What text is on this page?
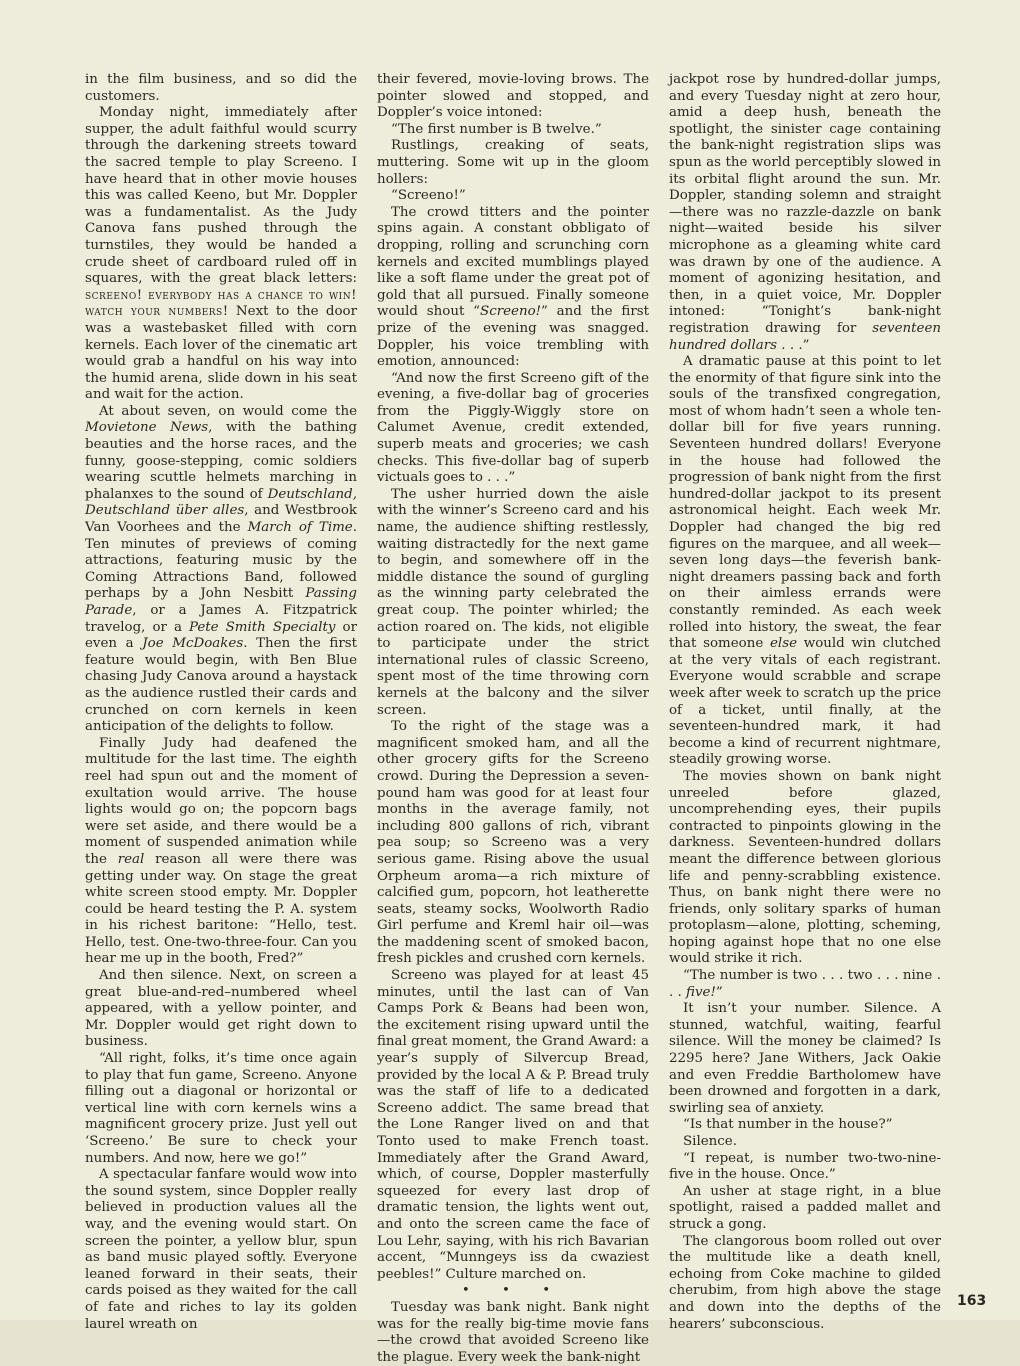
in the film business, and so did the customers.

Monday night, immediately after supper, the adult faithful would scurry through the darkening streets toward the sacred temple to play Screeno. I have heard that in other movie houses this was called Keeno, but Mr. Doppler was a fundamentalist. As the Judy Canova fans pushed through the turnstiles, they would be handed a crude sheet of cardboard ruled off in squares, with the great black letters: screeno! everybody has a chance to win! watch your numbers! Next to the door was a wastebasket filled with corn kernels. Each lover of the cinematic art would grab a handful on his way into the humid arena, slide down in his seat and wait for the action.

At about seven, on would come the Movietone News, with the bathing beauties and the horse races, and the funny, goose-stepping, comic soldiers wearing scuttle helmets marching in phalanxes to the sound of Deutschland, Deutschland über alles, and Westbrook Van Voorhees and the March of Time. Ten minutes of previews of coming attractions, featuring music by the Coming Attractions Band, followed perhaps by a John Nesbitt Passing Parade, or a James A. Fitzpatrick travelog, or a Pete Smith Specialty or even a Joe McDoakes. Then the first feature would begin, with Ben Blue chasing Judy Canova around a haystack as the audience rustled their cards and crunched on corn kernels in keen anticipation of the delights to follow.

Finally Judy had deafened the multitude for the last time. The eighth reel had spun out and the moment of exultation would arrive. The house lights would go on; the popcorn bags were set aside, and there would be a moment of suspended animation while the real reason all were there was getting under way. On stage the great white screen stood empty. Mr. Doppler could be heard testing the P. A. system in his richest baritone: “Hello, test. Hello, test. One-two-three-four. Can you hear me up in the booth, Fred?”

And then silence. Next, on screen a great blue-and-red–numbered wheel appeared, with a yellow pointer, and Mr. Doppler would get right down to business.

“All right, folks, it’s time once again to play that fun game, Screeno. Anyone filling out a diagonal or horizontal or vertical line with corn kernels wins a magnificent grocery prize. Just yell out ‘Screeno.’ Be sure to check your numbers. And now, here we go!”

A spectacular fanfare would wow into the sound system, since Doppler really believed in production values all the way, and the evening would start. On screen the pointer, a yellow blur, spun as band music played softly. Everyone leaned forward in their seats, their cards poised as they waited for the call of fate and riches to lay its golden laurel wreath on

their fevered, movie-loving brows. The pointer slowed and stopped, and Doppler’s voice intoned:

“The first number is B twelve.”

Rustlings, creaking of seats, muttering. Some wit up in the gloom hollers:

“Screeno!”

The crowd titters and the pointer spins again. A constant obbligato of dropping, rolling and scrunching corn kernels and excited mumblings played like a soft flame under the great pot of gold that all pursued. Finally someone would shout “Screeno!” and the first prize of the evening was snagged. Doppler, his voice trembling with emotion, announced:

“And now the first Screeno gift of the evening, a five-dollar bag of groceries from the Piggly-Wiggly store on Calumet Avenue, credit extended, superb meats and groceries; we cash checks. This five-dollar bag of superb victuals goes to . . .”

The usher hurried down the aisle with the winner’s Screeno card and his name, the audience shifting restlessly, waiting distractedly for the next game to begin, and somewhere off in the middle distance the sound of gurgling as the winning party celebrated the great coup. The pointer whirled; the action roared on. The kids, not eligible to participate under the strict international rules of classic Screeno, spent most of the time throwing corn kernels at the balcony and the silver screen.

To the right of the stage was a magnificent smoked ham, and all the other grocery gifts for the Screeno crowd. During the Depression a seven-pound ham was good for at least four months in the average family, not including 800 gallons of rich, vibrant pea soup; so Screeno was a very serious game. Rising above the usual Orpheum aroma—a rich mixture of calcified gum, popcorn, hot leatherette seats, steamy socks, Woolworth Radio Girl perfume and Kreml hair oil—was the maddening scent of smoked bacon, fresh pickles and crushed corn kernels.

Screeno was played for at least 45 minutes, until the last can of Van Camps Pork & Beans had been won, the excitement rising upward until the final great moment, the Grand Award: a year’s supply of Silvercup Bread, provided by the local A & P. Bread truly was the staff of life to a dedicated Screeno addict. The same bread that the Lone Ranger lived on and that Tonto used to make French toast. Immediately after the Grand Award, which, of course, Doppler masterfully squeezed for every last drop of dramatic tension, the lights went out, and onto the screen came the face of Lou Lehr, saying, with his rich Bavarian accent, “Munngeys iss da cwaziest peebles!” Culture marched on.

• • •

Tuesday was bank night. Bank night was for the really big-time movie fans —the crowd that avoided Screeno like the plague. Every week the bank-night

jackpot rose by hundred-dollar jumps, and every Tuesday night at zero hour, amid a deep hush, beneath the spotlight, the sinister cage containing the bank-night registration slips was spun as the world perceptibly slowed in its orbital flight around the sun. Mr. Doppler, standing solemn and straight—there was no razzle-dazzle on bank night—waited beside his silver microphone as a gleaming white card was drawn by one of the audience. A moment of agonizing hesitation, and then, in a quiet voice, Mr. Doppler intoned: “Tonight’s bank-night registration drawing for seventeen hundred dollars . . .”

A dramatic pause at this point to let the enormity of that figure sink into the souls of the transfixed congregation, most of whom hadn’t seen a whole ten-dollar bill for five years running. Seventeen hundred dollars! Everyone in the house had followed the progression of bank night from the first hundred-dollar jackpot to its present astronomical height. Each week Mr. Doppler had changed the big red figures on the marquee, and all week—seven long days—the feverish bank-night dreamers passing back and forth on their aimless errands were constantly reminded. As each week rolled into history, the sweat, the fear that someone else would win clutched at the very vitals of each registrant. Everyone would scrabble and scrape week after week to scratch up the price of a ticket, until finally, at the seventeen-hundred mark, it had become a kind of recurrent nightmare, steadily growing worse.

The movies shown on bank night unreeled before glazed, uncomprehending eyes, their pupils contracted to pinpoints glowing in the darkness. Seventeen-hundred dollars meant the difference between glorious life and penny-scrabbling existence. Thus, on bank night there were no friends, only solitary sparks of human protoplasm—alone, plotting, scheming, hoping against hope that no one else would strike it rich.

“The number is two . . . two . . . nine . . . five!”

It isn’t your number. Silence. A stunned, watchful, waiting, fearful silence. Will the money be claimed? Is 2295 here? Jane Withers, Jack Oakie and even Freddie Bartholomew have been drowned and forgotten in a dark, swirling sea of anxiety.

“Is that number in the house?”

Silence.

“I repeat, is number two-two-nine-five in the house. Once.”

An usher at stage right, in a blue spotlight, raised a padded mallet and struck a gong.

The clangorous boom rolled out over the multitude like a death knell, echoing from Coke machine to gilded cherubim, from high above the stage and down into the depths of the hearers’ subconscious.

163
